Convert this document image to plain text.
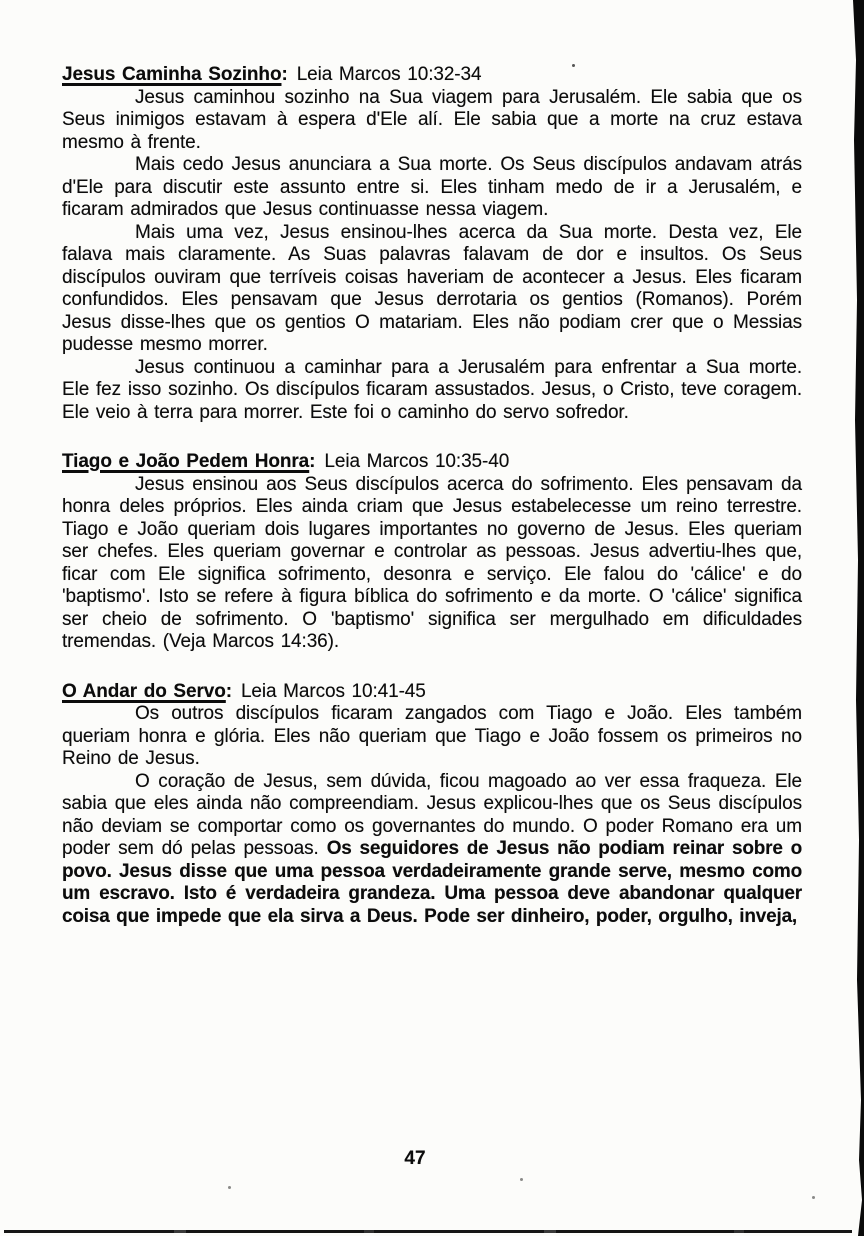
Jesus Caminha Sozinho: Leia Marcos 10:32-34

Jesus caminhou sozinho na Sua viagem para Jerusalém. Ele sabia que os Seus inimigos estavam à espera d'Ele alí. Ele sabia que a morte na cruz estava mesmo à frente.

Mais cedo Jesus anunciara a Sua morte. Os Seus discípulos andavam atrás d'Ele para discutir este assunto entre si. Eles tinham medo de ir a Jerusalém, e ficaram admirados que Jesus continuasse nessa viagem.

Mais uma vez, Jesus ensinou-lhes acerca da Sua morte. Desta vez, Ele falava mais claramente. As Suas palavras falavam de dor e insultos. Os Seus discípulos ouviram que terríveis coisas haveriam de acontecer a Jesus. Eles ficaram confundidos. Eles pensavam que Jesus derrotaria os gentios (Romanos). Porém Jesus disse-lhes que os gentios O matariam. Eles não podiam crer que o Messias pudesse mesmo morrer.

Jesus continuou a caminhar para a Jerusalém para enfrentar a Sua morte. Ele fez isso sozinho. Os discípulos ficaram assustados. Jesus, o Cristo, teve coragem. Ele veio à terra para morrer. Este foi o caminho do servo sofredor.

Tiago e João Pedem Honra: Leia Marcos 10:35-40

Jesus ensinou aos Seus discípulos acerca do sofrimento. Eles pensavam da honra deles próprios. Eles ainda criam que Jesus estabelecesse um reino terrestre. Tiago e João queriam dois lugares importantes no governo de Jesus. Eles queriam ser chefes. Eles queriam governar e controlar as pessoas. Jesus advertiu-lhes que, ficar com Ele significa sofrimento, desonra e serviço. Ele falou do 'cálice' e do 'baptismo'. Isto se refere à figura bíblica do sofrimento e da morte. O 'cálice' significa ser cheio de sofrimento. O 'baptismo' significa ser mergulhado em dificuldades tremendas. (Veja Marcos 14:36).

O Andar do Servo: Leia Marcos 10:41-45

Os outros discípulos ficaram zangados com Tiago e João. Eles também queriam honra e glória. Eles não queriam que Tiago e João fossem os primeiros no Reino de Jesus.

O coração de Jesus, sem dúvida, ficou magoado ao ver essa fraqueza. Ele sabia que eles ainda não compreendiam. Jesus explicou-lhes que os Seus discípulos não deviam se comportar como os governantes do mundo. O poder Romano era um poder sem dó pelas pessoas. Os seguidores de Jesus não podiam reinar sobre o povo. Jesus disse que uma pessoa verdadeiramente grande serve, mesmo como um escravo. Isto é verdadeira grandeza. Uma pessoa deve abandonar qualquer coisa que impede que ela sirva a Deus. Pode ser dinheiro, poder, orgulho, inveja,

47
